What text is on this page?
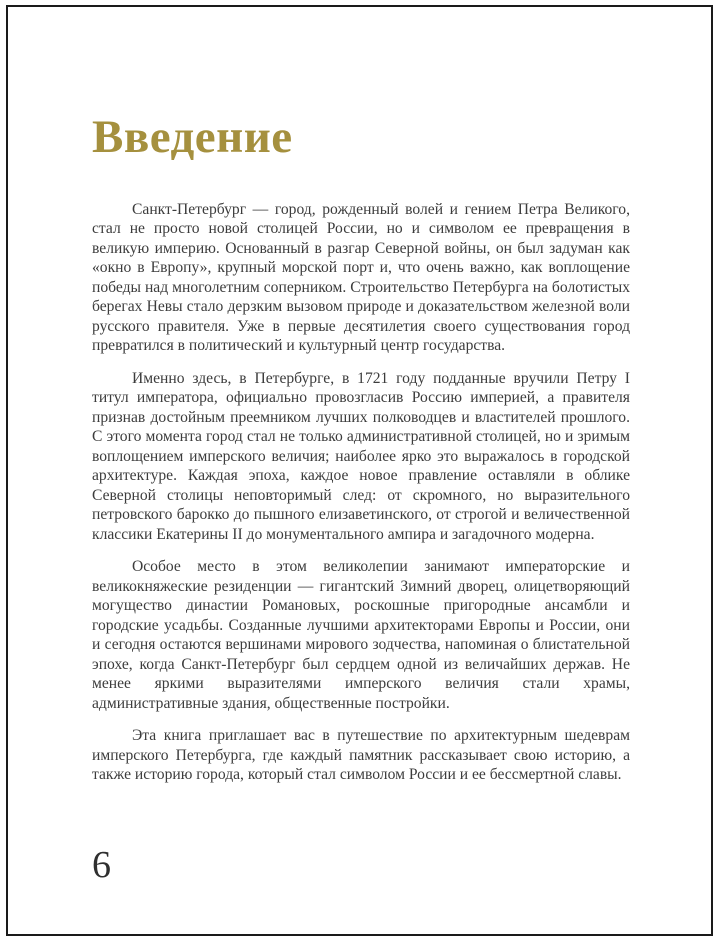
Введение

Санкт-Петербург — город, рожденный волей и гением Петра Великого, стал не просто новой столицей России, но и символом ее превращения в великую империю. Основанный в разгар Северной войны, он был задуман как «окно в Европу», крупный морской порт и, что очень важно, как воплощение победы над многолетним соперником. Строительство Петербурга на болотистых берегах Невы стало дерзким вызовом природе и доказательством железной воли русского правителя. Уже в первые десятилетия своего существования город превратился в политический и культурный центр государства.

Именно здесь, в Петербурге, в 1721 году подданные вручили Петру I титул императора, официально провозгласив Россию империей, а правителя признав достойным преемником лучших полководцев и властителей прошлого. С этого момента город стал не только административной столицей, но и зримым воплощением имперского величия; наиболее ярко это выражалось в городской архитектуре. Каждая эпоха, каждое новое правление оставляли в облике Северной столицы неповторимый след: от скромного, но выразительного петровского барокко до пышного елизаветинского, от строгой и величественной классики Екатерины II до монументального ампира и загадочного модерна.

Особое место в этом великолепии занимают императорские и великокняжеские резиденции — гигантский Зимний дворец, олицетворяющий могущество династии Романовых, роскошные пригородные ансамбли и городские усадьбы. Созданные лучшими архитекторами Европы и России, они и сегодня остаются вершинами мирового зодчества, напоминая о блистательной эпохе, когда Санкт-Петербург был сердцем одной из величайших держав. Не менее яркими выразителями имперского величия стали храмы, административные здания, общественные постройки.

Эта книга приглашает вас в путешествие по архитектурным шедеврам имперского Петербурга, где каждый памятник рассказывает свою историю, а также историю города, который стал символом России и ее бессмертной славы.

6
